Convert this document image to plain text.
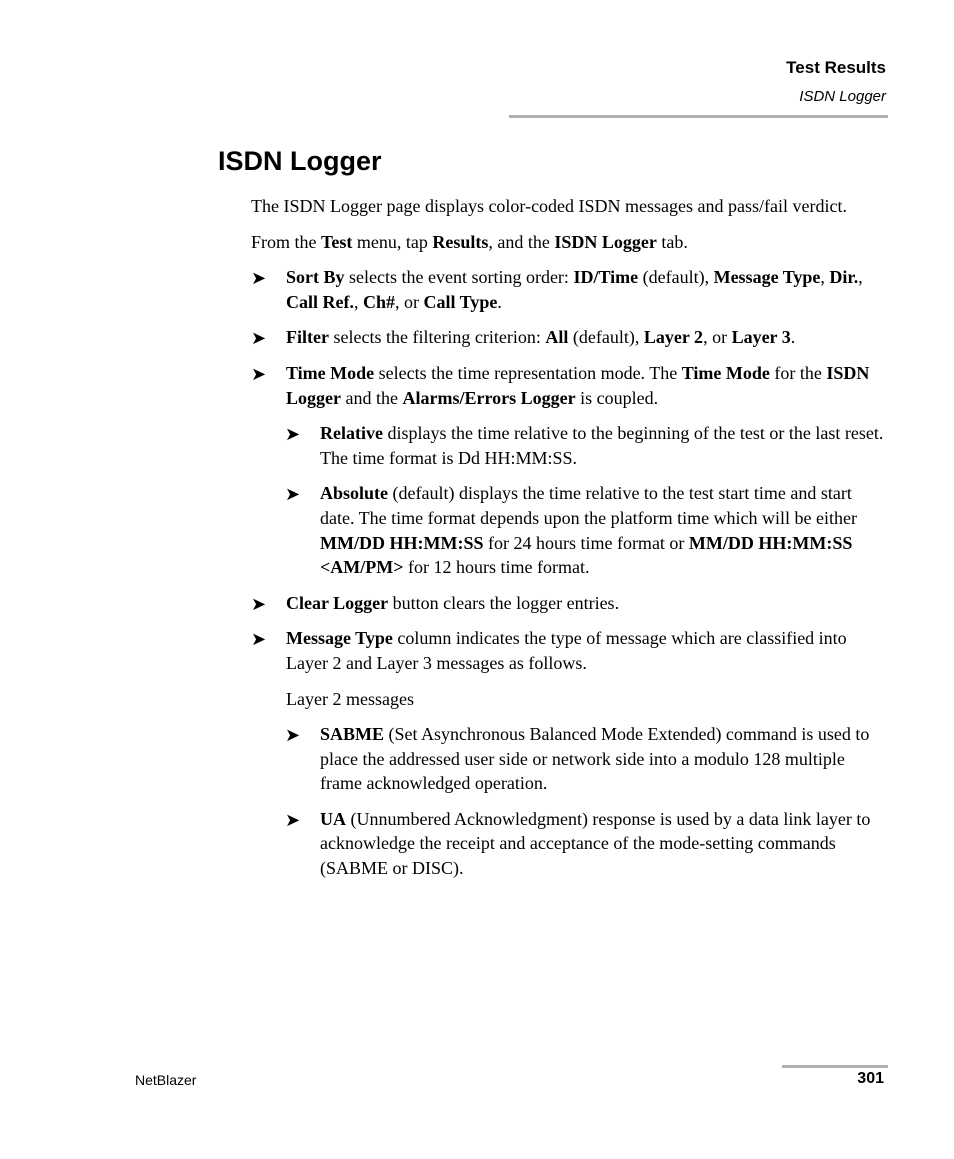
Test Results
ISDN Logger
ISDN Logger

The ISDN Logger page displays color-coded ISDN messages and pass/fail verdict.

From the Test menu, tap Results, and the ISDN Logger tab.

➤ Sort By selects the event sorting order: ID/Time (default), Message Type, Dir., Call Ref., Ch#, or Call Type.
➤ Filter selects the filtering criterion: All (default), Layer 2, or Layer 3.
➤ Time Mode selects the time representation mode. The Time Mode for the ISDN Logger and the Alarms/Errors Logger is coupled.
➤ Relative displays the time relative to the beginning of the test or the last reset. The time format is Dd HH:MM:SS.
➤ Absolute (default) displays the time relative to the test start time and start date. The time format depends upon the platform time which will be either MM/DD HH:MM:SS for 24 hours time format or MM/DD HH:MM:SS <AM/PM> for 12 hours time format.
➤ Clear Logger button clears the logger entries.
➤ Message Type column indicates the type of message which are classified into Layer 2 and Layer 3 messages as follows.
Layer 2 messages
➤ SABME (Set Asynchronous Balanced Mode Extended) command is used to place the addressed user side or network side into a modulo 128 multiple frame acknowledged operation.
➤ UA (Unnumbered Acknowledgment) response is used by a data link layer to acknowledge the receipt and acceptance of the mode-setting commands (SABME or DISC).
NetBlazer	301
